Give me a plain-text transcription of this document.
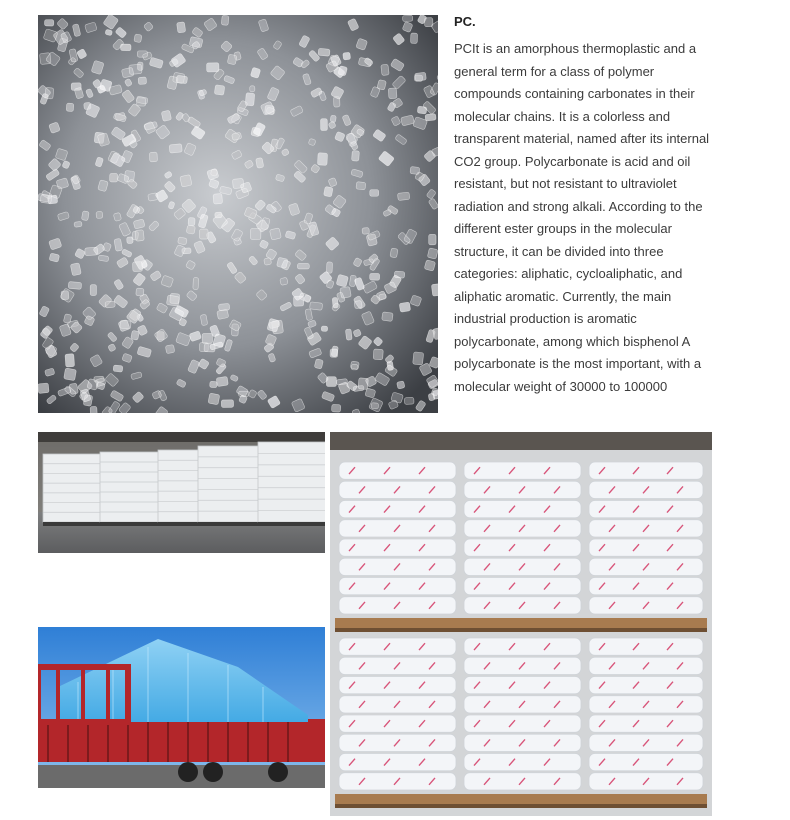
PC.

PCIt is an amorphous thermoplastic and a general term for a class of polymer compounds containing carbonates in their molecular chains. It is a colorless and transparent material, named after its internal CO2 group. Polycarbonate is acid and oil resistant, but not resistant to ultraviolet radiation and strong alkali. According to the different ester groups in the molecular structure, it can be divided into three categories: aliphatic, cycloaliphatic, and aliphatic aromatic. Currently, the main industrial production is aromatic polycarbonate, among which bisphenol A polycarbonate is the most important, with a molecular weight of 30000 to 100000
